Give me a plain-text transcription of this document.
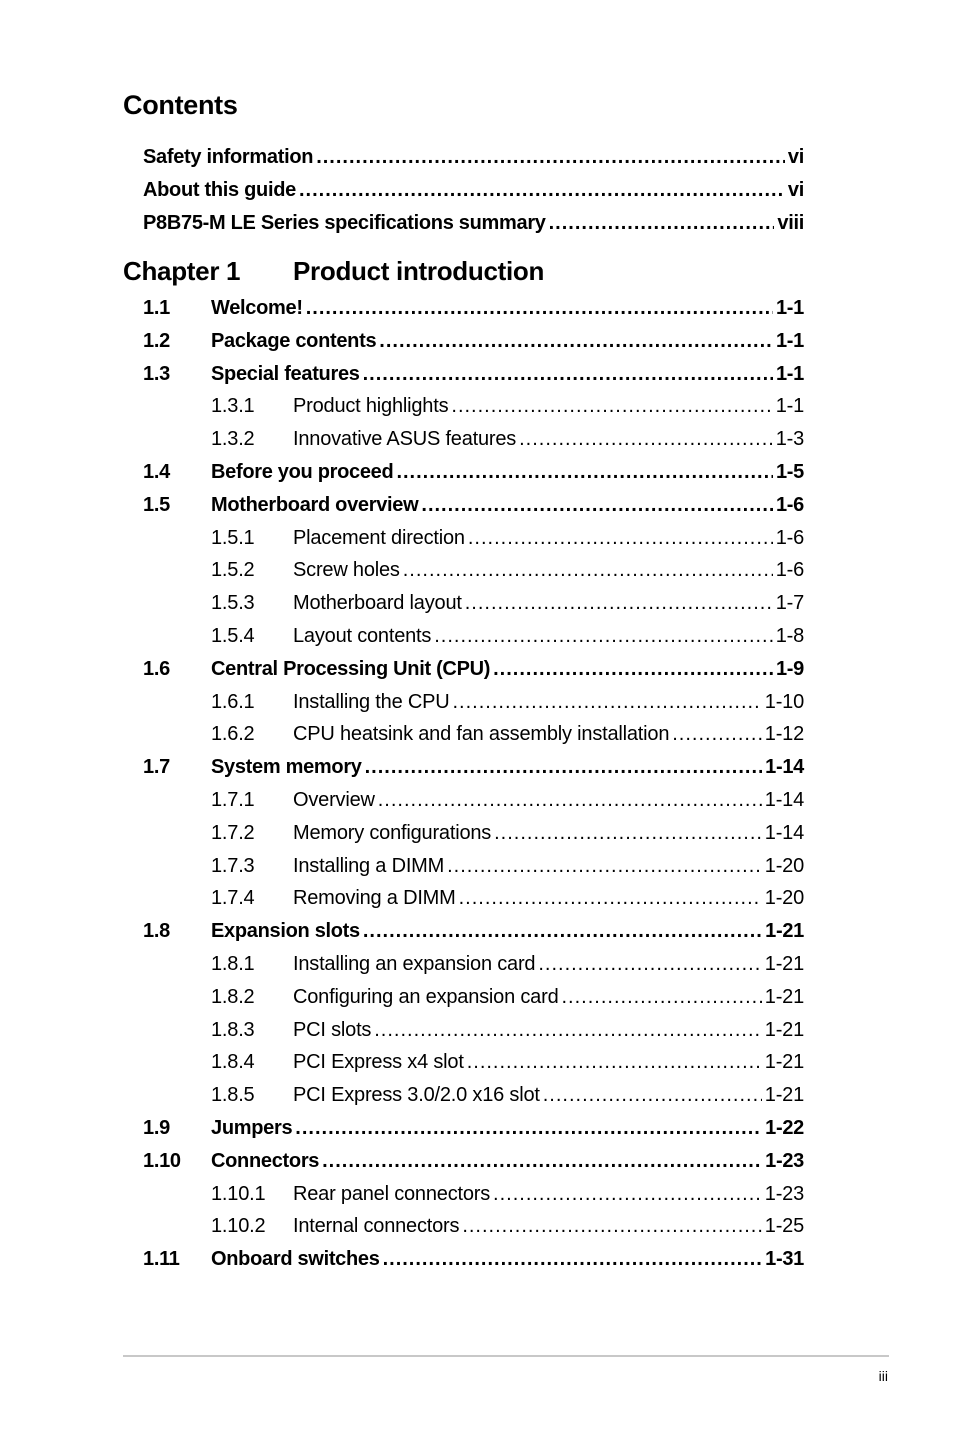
Contents
Safety information .....	vi
About this guide .....	vi
P8B75-M LE Series specifications summary .....	viii
Chapter 1	Product introduction
1.1	Welcome! .....	1-1
1.2	Package contents .....	1-1
1.3	Special features .....	1-1
1.3.1	Product highlights .....	1-1
1.3.2	Innovative ASUS features .....	1-3
1.4	Before you proceed .....	1-5
1.5	Motherboard overview .....	1-6
1.5.1	Placement direction .....	1-6
1.5.2	Screw holes .....	1-6
1.5.3	Motherboard layout .....	1-7
1.5.4	Layout contents .....	1-8
1.6	Central Processing Unit (CPU) .....	1-9
1.6.1	Installing the CPU .....	1-10
1.6.2	CPU heatsink and fan assembly installation .....	1-12
1.7	System memory .....	1-14
1.7.1	Overview .....	1-14
1.7.2	Memory configurations .....	1-14
1.7.3	Installing a DIMM .....	1-20
1.7.4	Removing a DIMM .....	1-20
1.8	Expansion slots .....	1-21
1.8.1	Installing an expansion card .....	1-21
1.8.2	Configuring an expansion card .....	1-21
1.8.3	PCI slots .....	1-21
1.8.4	PCI Express x4 slot .....	1-21
1.8.5	PCI Express 3.0/2.0 x16 slot .....	1-21
1.9	Jumpers .....	1-22
1.10	Connectors .....	1-23
1.10.1	Rear panel connectors .....	1-23
1.10.2	Internal connectors .....	1-25
1.11	Onboard switches .....	1-31
iii
